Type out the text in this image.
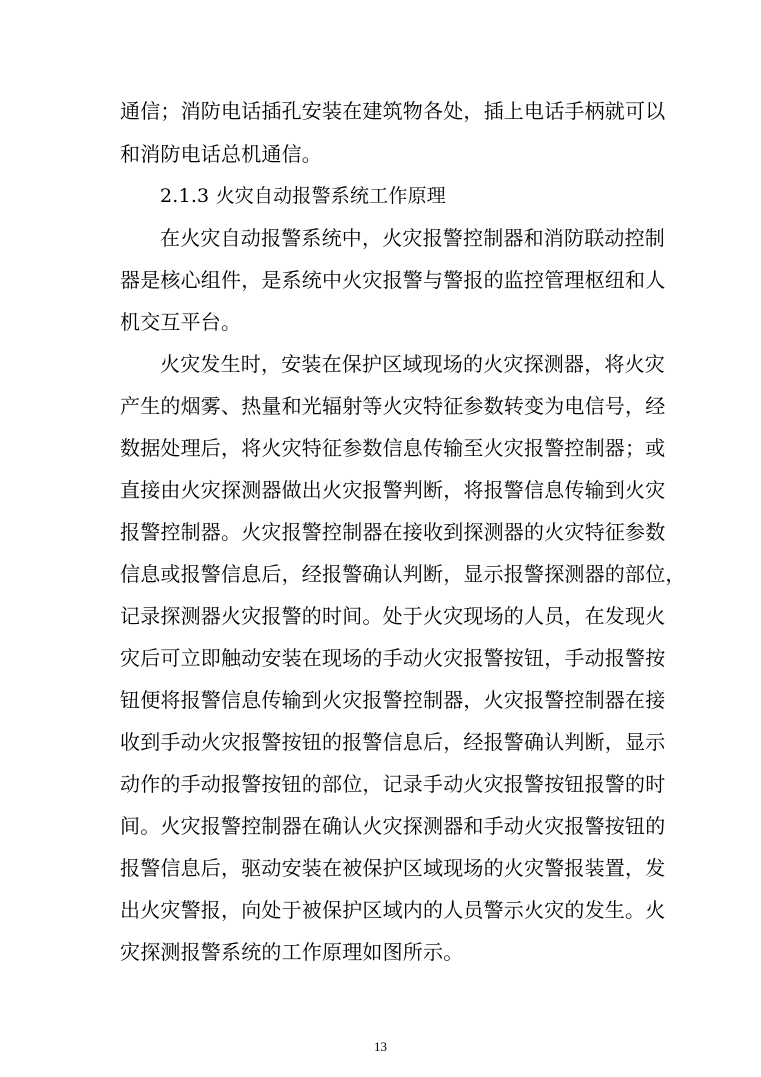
通信；消防电话插孔安装在建筑物各处，插上电话手柄就可以
和消防电话总机通信。
2.1.3 火灾自动报警系统工作原理
在火灾自动报警系统中，火灾报警控制器和消防联动控制
器是核心组件，是系统中火灾报警与警报的监控管理枢纽和人
机交互平台。
火灾发生时，安装在保护区域现场的火灾探测器，将火灾
产生的烟雾、热量和光辐射等火灾特征参数转变为电信号，经
数据处理后，将火灾特征参数信息传输至火灾报警控制器；或
直接由火灾探测器做出火灾报警判断，将报警信息传输到火灾
报警控制器。火灾报警控制器在接收到探测器的火灾特征参数
信息或报警信息后，经报警确认判断，显示报警探测器的部位，
记录探测器火灾报警的时间。处于火灾现场的人员，在发现火
灾后可立即触动安装在现场的手动火灾报警按钮，手动报警按
钮便将报警信息传输到火灾报警控制器，火灾报警控制器在接
收到手动火灾报警按钮的报警信息后，经报警确认判断，显示
动作的手动报警按钮的部位，记录手动火灾报警按钮报警的时
间。火灾报警控制器在确认火灾探测器和手动火灾报警按钮的
报警信息后，驱动安装在被保护区域现场的火灾警报装置，发
出火灾警报，向处于被保护区域内的人员警示火灾的发生。火
灾探测报警系统的工作原理如图所示。
13
